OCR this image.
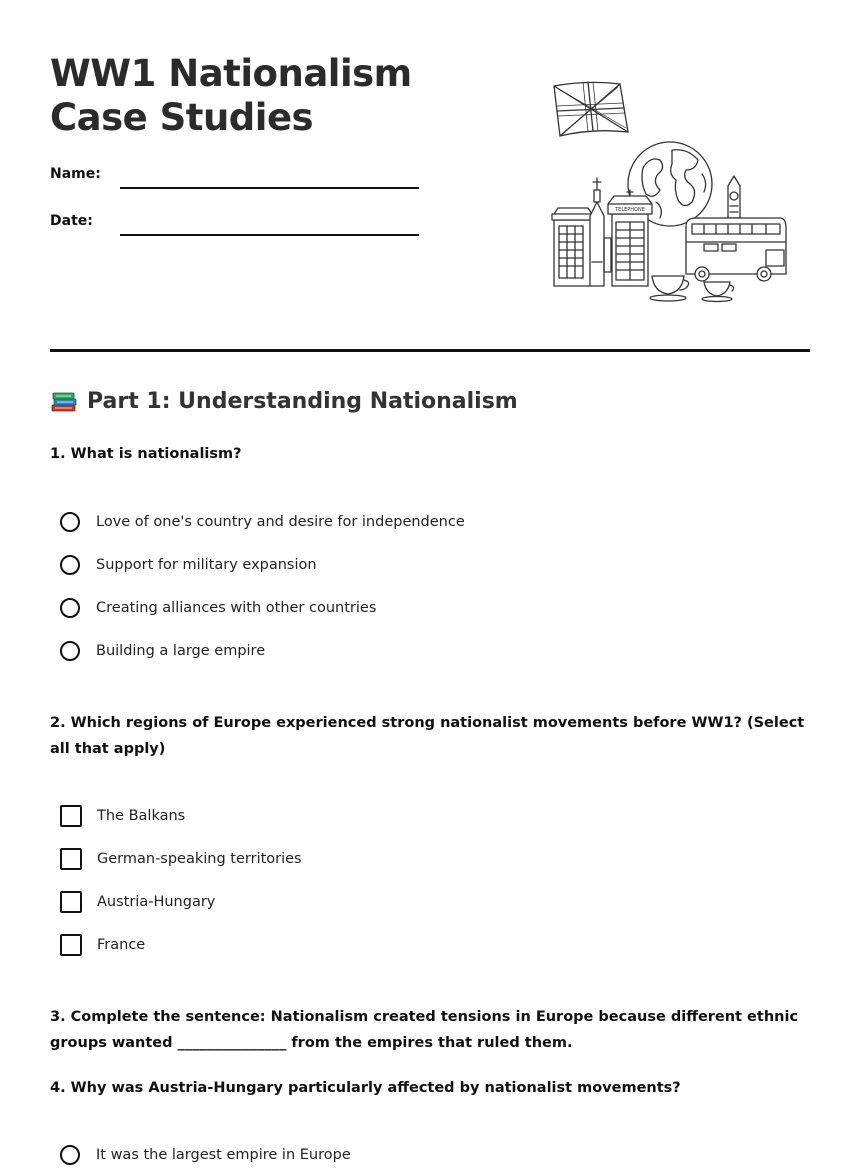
WW1 Nationalism Case Studies
Name:
Date:
TELEPHONE
Part 1: Understanding Nationalism

1. What is nationalism?

Love of one's country and desire for independence
Support for military expansion
Creating alliances with other countries
Building a large empire

2. Which regions of Europe experienced strong nationalist movements before WW1? (Select all that apply)

The Balkans
German-speaking territories
Austria-Hungary
France

3. Complete the sentence: Nationalism created tensions in Europe because different ethnic groups wanted _______________ from the empires that ruled them.

4. Why was Austria-Hungary particularly affected by nationalist movements?

It was the largest empire in Europe
